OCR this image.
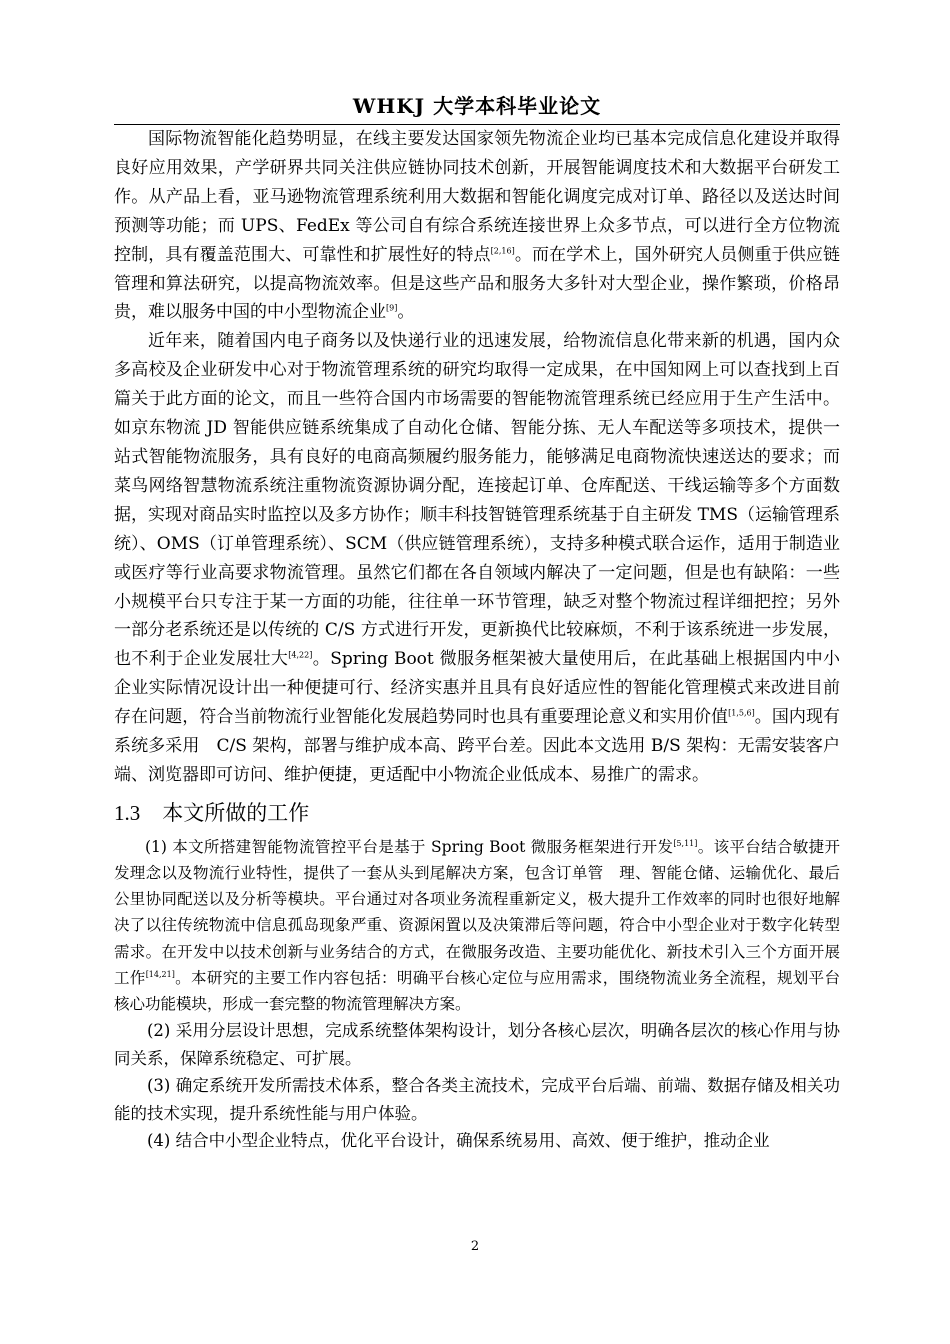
WHKJ 大学本科毕业论文

国际物流智能化趋势明显，在线主要发达国家领先物流企业均已基本完成信息化建设并取得良好应用效果，产学研界共同关注供应链协同技术创新，开展智能调度技术和大数据平台研发工作。从产品上看，亚马逊物流管理系统利用大数据和智能化调度完成对订单、路径以及送达时间预测等功能；而 UPS、FedEx 等公司自有综合系统连接世界上众多节点，可以进行全方位物流控制，具有覆盖范围大、可靠性和扩展性好的特点[2,16]。而在学术上，国外研究人员侧重于供应链管理和算法研究，以提高物流效率。但是这些产品和服务大多针对大型企业，操作繁琐，价格昂贵，难以服务中国的中小型物流企业[9]。

近年来，随着国内电子商务以及快递行业的迅速发展，给物流信息化带来新的机遇，国内众多高校及企业研发中心对于物流管理系统的研究均取得一定成果，在中国知网上可以查找到上百篇关于此方面的论文，而且一些符合国内市场需要的智能物流管理系统已经应用于生产生活中。如京东物流 JD 智能供应链系统集成了自动化仓储、智能分拣、无人车配送等多项技术，提供一站式智能物流服务，具有良好的电商高频履约服务能力，能够满足电商物流快速送达的要求；而菜鸟网络智慧物流系统注重物流资源协调分配，连接起订单、仓库配送、干线运输等多个方面数据，实现对商品实时监控以及多方协作；顺丰科技智链管理系统基于自主研发 TMS（运输管理系统）、OMS（订单管理系统）、SCM（供应链管理系统），支持多种模式联合运作，适用于制造业或医疗等行业高要求物流管理。虽然它们都在各自领域内解决了一定问题，但是也有缺陷：一些小规模平台只专注于某一方面的功能，往往单一环节管理，缺乏对整个物流过程详细把控；另外一部分老系统还是以传统的 C/S 方式进行开发，更新换代比较麻烦，不利于该系统进一步发展，也不利于企业发展壮大[4,22]。Spring Boot 微服务框架被大量使用后，在此基础上根据国内中小企业实际情况设计出一种便捷可行、经济实惠并且具有良好适应性的智能化管理模式来改进目前存在问题，符合当前物流行业智能化发展趋势同时也具有重要理论意义和实用价值[1,5,6]。国内现有系统多采用　C/S 架构，部署与维护成本高、跨平台差。因此本文选用 B/S 架构：无需安装客户端、浏览器即可访问、维护便捷，更适配中小物流企业低成本、易推广的需求。

1.3 本文所做的工作

(1) 本文所搭建智能物流管控平台是基于 Spring Boot 微服务框架进行开发[5,11]。该平台结合敏捷开发理念以及物流行业特性，提供了一套从头到尾解决方案，包含订单管　理、智能仓储、运输优化、最后公里协同配送以及分析等模块。平台通过对各项业务流程重新定义，极大提升工作效率的同时也很好地解决了以往传统物流中信息孤岛现象严重、资源闲置以及决策滞后等问题，符合中小型企业对于数字化转型需求。在开发中以技术创新与业务结合的方式，在微服务改造、主要功能优化、新技术引入三个方面开展工作[14,21]。本研究的主要工作内容包括：明确平台核心定位与应用需求，围绕物流业务全流程，规划平台核心功能模块，形成一套完整的物流管理解决方案。

(2) 采用分层设计思想，完成系统整体架构设计，划分各核心层次，明确各层次的核心作用与协同关系，保障系统稳定、可扩展。

(3) 确定系统开发所需技术体系，整合各类主流技术，完成平台后端、前端、数据存储及相关功能的技术实现，提升系统性能与用户体验。

(4) 结合中小型企业特点，优化平台设计，确保系统易用、高效、便于维护，推动企业

2
